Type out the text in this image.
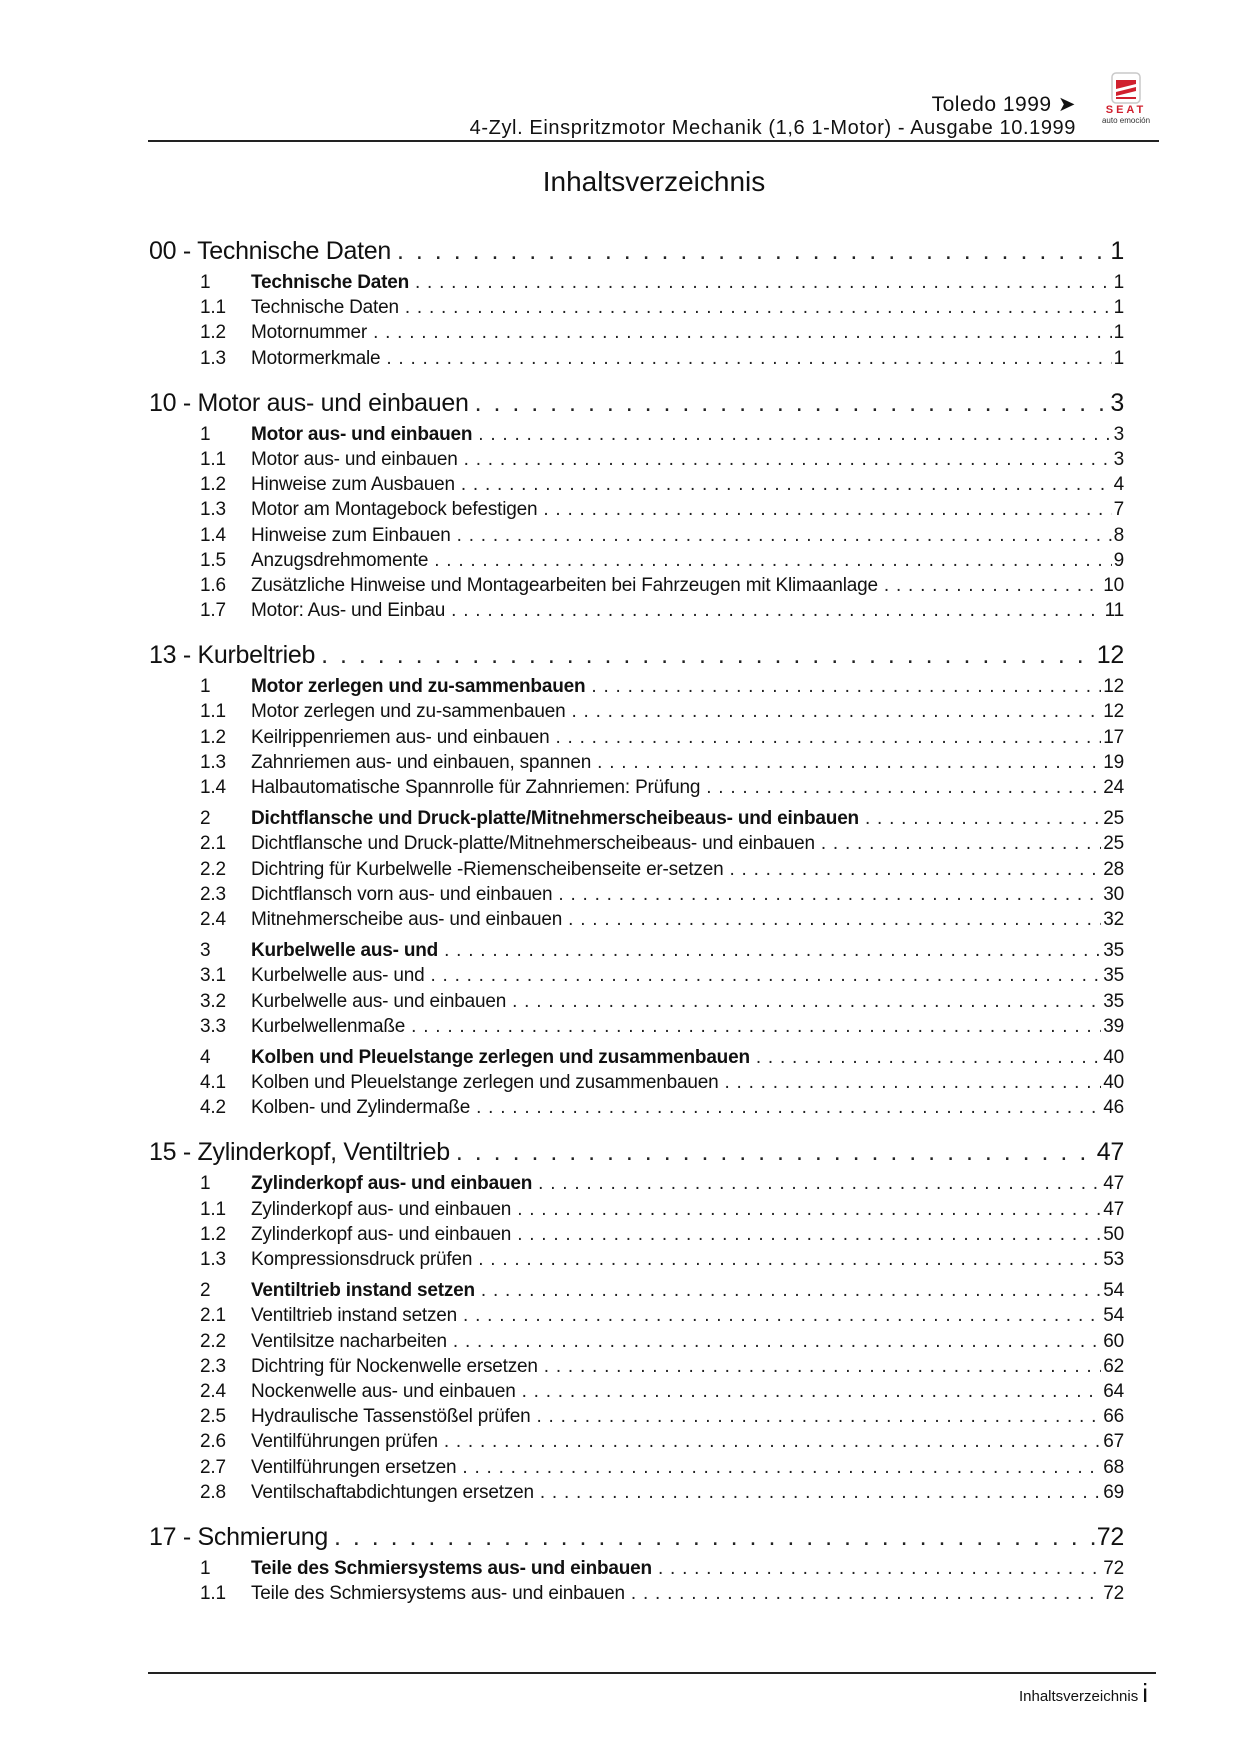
Toledo 1999 ➤
4-Zyl. Einspritzmotor Mechanik (1,6 1-Motor) - Ausgabe 10.1999
SEAT
auto emoción
Inhaltsverzeichnis
00 - Technische Daten . . .	1
1	Technische Daten . . .	1
1.1	Technische Daten . . .	1
1.2	Motornummer . . .	1
1.3	Motormerkmale . . .	1
10 - Motor aus- und einbauen . . .	3
1	Motor aus- und einbauen . . .	3
1.1	Motor aus- und einbauen . . .	3
1.2	Hinweise zum Ausbauen . . .	4
1.3	Motor am Montagebock befestigen . . .	7
1.4	Hinweise zum Einbauen . . .	8
1.5	Anzugsdrehmomente . . .	9
1.6	Zusätzliche Hinweise und Montagearbeiten bei Fahrzeugen mit Klimaanlage . . .	10
1.7	Motor: Aus- und Einbau . . .	11
13 - Kurbeltrieb . . .	12
1	Motor zerlegen und zu-sammenbauen . . .	12
1.1	Motor zerlegen und zu-sammenbauen . . .	12
1.2	Keilrippenriemen aus- und einbauen . . .	17
1.3	Zahnriemen aus- und einbauen, spannen . . .	19
1.4	Halbautomatische Spannrolle für Zahnriemen: Prüfung . . .	24
2	Dichtflansche und Druck-platte/Mitnehmerscheibeaus- und einbauen . . .	25
2.1	Dichtflansche und Druck-platte/Mitnehmerscheibeaus- und einbauen . . .	25
2.2	Dichtring für Kurbelwelle -Riemenscheibenseite er-setzen . . .	28
2.3	Dichtflansch vorn aus- und einbauen . . .	30
2.4	Mitnehmerscheibe aus- und einbauen . . .	32
3	Kurbelwelle aus- und . . .	35
3.1	Kurbelwelle aus- und . . .	35
3.2	Kurbelwelle aus- und einbauen . . .	35
3.3	Kurbelwellenmaße . . .	39
4	Kolben und Pleuelstange zerlegen und zusammenbauen . . .	40
4.1	Kolben und Pleuelstange zerlegen und zusammenbauen . . .	40
4.2	Kolben- und Zylindermaße . . .	46
15 - Zylinderkopf, Ventiltrieb . . .	47
1	Zylinderkopf aus- und einbauen . . .	47
1.1	Zylinderkopf aus- und einbauen . . .	47
1.2	Zylinderkopf aus- und einbauen . . .	50
1.3	Kompressionsdruck prüfen . . .	53
2	Ventiltrieb instand setzen . . .	54
2.1	Ventiltrieb instand setzen . . .	54
2.2	Ventilsitze nacharbeiten . . .	60
2.3	Dichtring für Nockenwelle ersetzen . . .	62
2.4	Nockenwelle aus- und einbauen . . .	64
2.5	Hydraulische Tassenstößel prüfen . . .	66
2.6	Ventilführungen prüfen . . .	67
2.7	Ventilführungen ersetzen . . .	68
2.8	Ventilschaftabdichtungen ersetzen . . .	69
17 - Schmierung . . .	72
1	Teile des Schmiersystems aus- und einbauen . . .	72
1.1	Teile des Schmiersystems aus- und einbauen . . .	72
Inhaltsverzeichnis i
